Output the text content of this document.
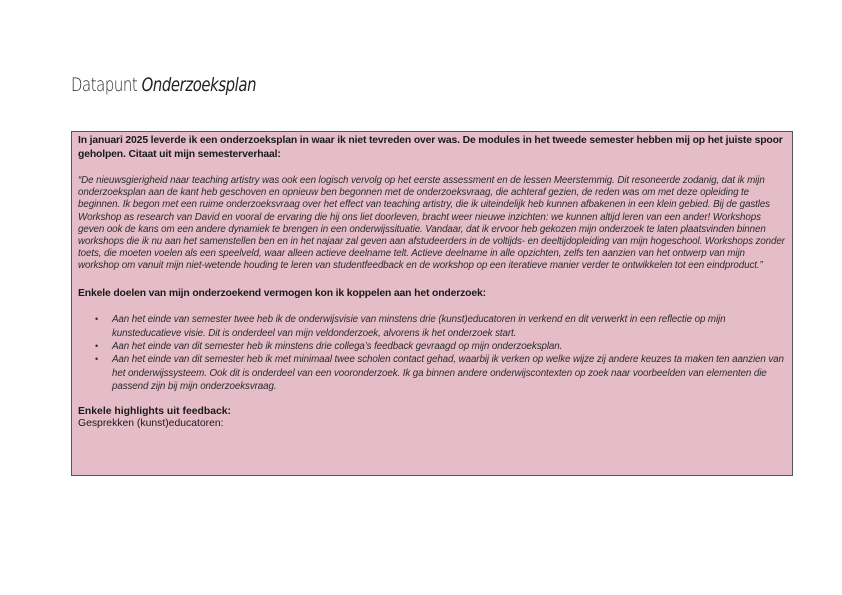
Datapunt Onderzoeksplan

In januari 2025 leverde ik een onderzoeksplan in waar ik niet tevreden over was. De modules in het tweede semester hebben mij op het juiste spoor geholpen. Citaat uit mijn semesterverhaal:

“De nieuwsgierigheid naar teaching artistry was ook een logisch vervolg op het eerste assessment en de lessen Meerstemmig. Dit resoneerde zodanig, dat ik mijn onderzoeksplan aan de kant heb geschoven en opnieuw ben begonnen met de onderzoeksvraag, die achteraf gezien, de reden was om met deze opleiding te beginnen. Ik begon met een ruime onderzoeksvraag over het effect van teaching artistry, die ik uiteindelijk heb kunnen afbakenen in een klein gebied. Bij de gastles Workshop as research van David en vooral de ervaring die hij ons liet doorleven, bracht weer nieuwe inzichten: we kunnen altijd leren van een ander! Workshops geven ook de kans om een andere dynamiek te brengen in een onderwijssituatie. Vandaar, dat ik ervoor heb gekozen mijn onderzoek te laten plaatsvinden binnen workshops die ik nu aan het samenstellen ben en in het najaar zal geven aan afstudeerders in de voltijds- en deeltijdopleiding van mijn hogeschool. Workshops zonder toets, die moeten voelen als een speelveld, waar alleen actieve deelname telt. Actieve deelname in alle opzichten, zelfs ten aanzien van het ontwerp van mijn workshop om vanuit mijn niet-wetende houding te leren van studentfeedback en de workshop op een iteratieve manier verder te ontwikkelen tot een eindproduct.”

Enkele doelen van mijn onderzoekend vermogen kon ik koppelen aan het onderzoek:

• Aan het einde van semester twee heb ik de onderwijsvisie van minstens drie (kunst)educatoren in verkend en dit verwerkt in een reflectie op mijn kunsteducatieve visie. Dit is onderdeel van mijn veldonderzoek, alvorens ik het onderzoek start.
• Aan het einde van dit semester heb ik minstens drie collega’s feedback gevraagd op mijn onderzoeksplan.
• Aan het einde van dit semester heb ik met minimaal twee scholen contact gehad, waarbij ik verken op welke wijze zij andere keuzes ta maken ten aanzien van het onderwijssysteem. Ook dit is onderdeel van een vooronderzoek. Ik ga binnen andere onderwijscontexten op zoek naar voorbeelden van elementen die passend zijn bij mijn onderzoeksvraag.

Enkele highlights uit feedback:

Gesprekken (kunst)educatoren:
